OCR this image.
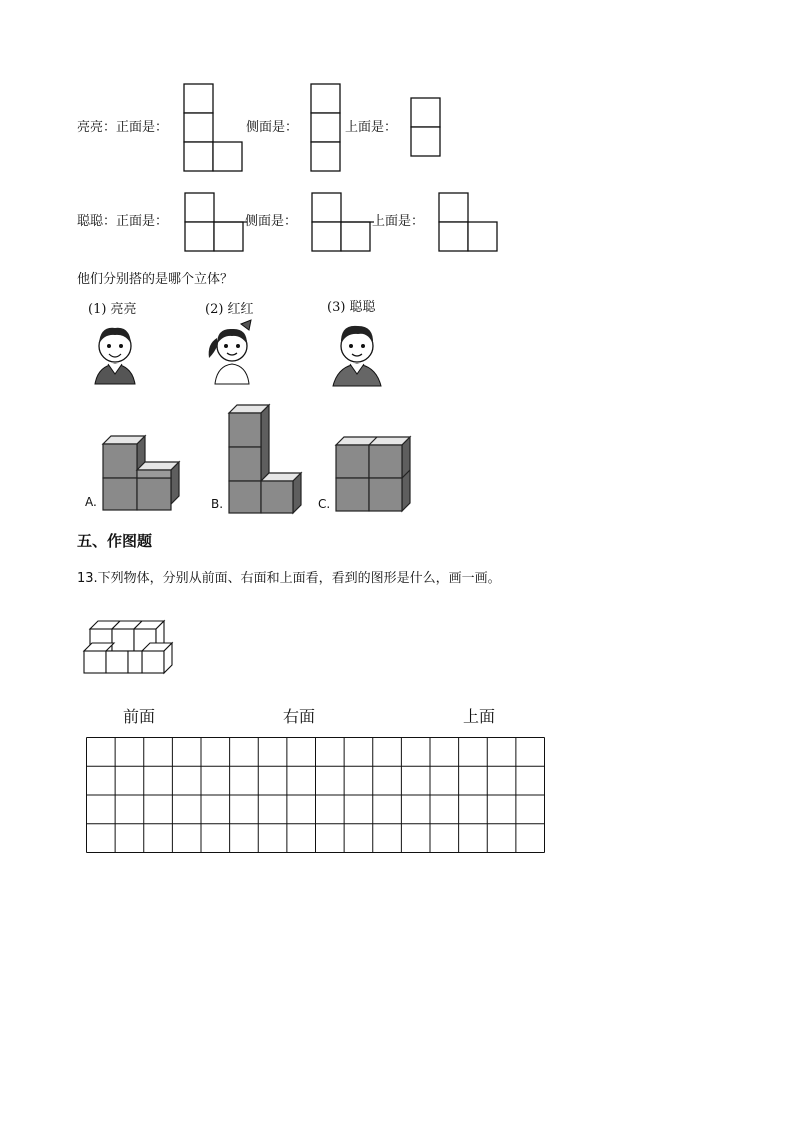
亮亮：正面是：	侧面是：	上面是：
聪聪：正面是：	侧面是：	上面是：
他们分别搭的是哪个立体？
(1) 亮亮	(2) 红红	(3) 聪聪
A.	B.	C.
五、作图题
13.下列物体，分别从前面、右面和上面看，看到的图形是什么，画一画。
前面	右面	上面
